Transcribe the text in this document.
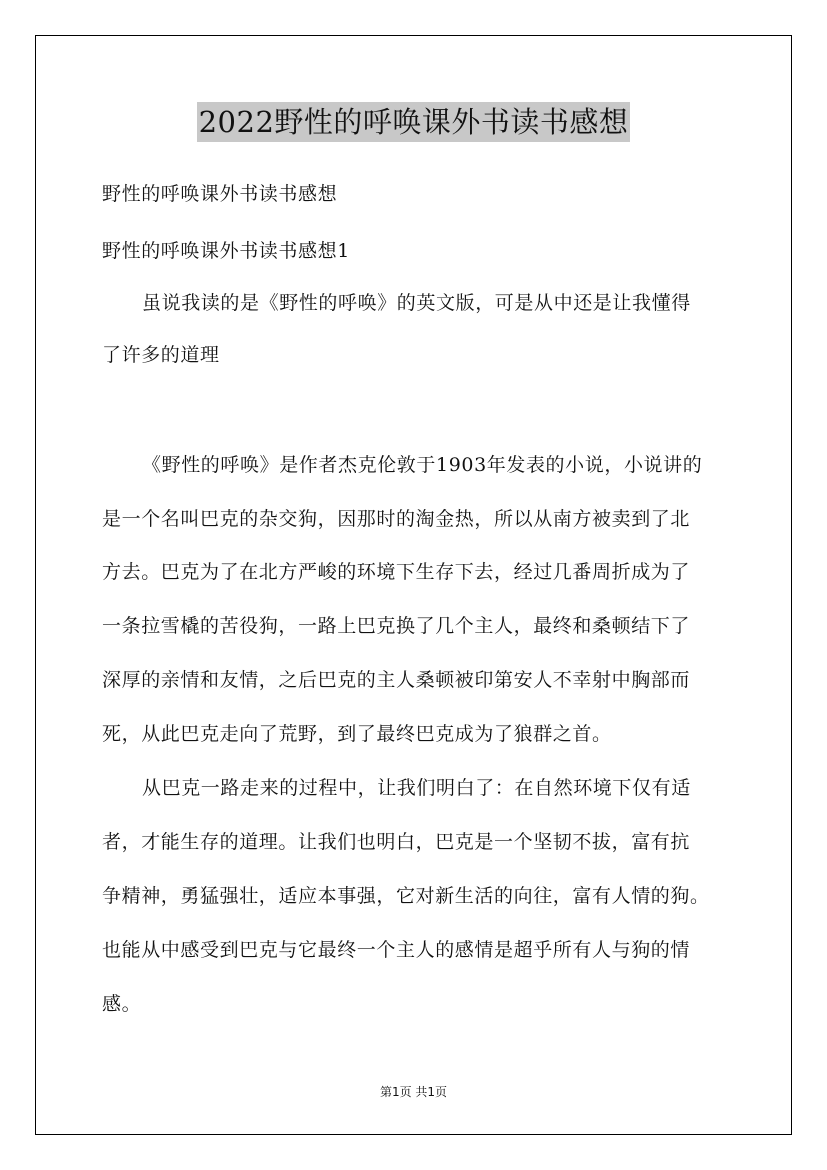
2022野性的呼唤课外书读书感想
野性的呼唤课外书读书感想
野性的呼唤课外书读书感想1
虽说我读的是《野性的呼唤》的英文版，可是从中还是让我懂得
了许多的道理
《野性的呼唤》是作者杰克伦敦于1903年发表的小说，小说讲的
是一个名叫巴克的杂交狗，因那时的淘金热，所以从南方被卖到了北
方去。巴克为了在北方严峻的环境下生存下去，经过几番周折成为了
一条拉雪橇的苦役狗，一路上巴克换了几个主人，最终和桑顿结下了
深厚的亲情和友情，之后巴克的主人桑顿被印第安人不幸射中胸部而
死，从此巴克走向了荒野，到了最终巴克成为了狼群之首。
从巴克一路走来的过程中，让我们明白了：在自然环境下仅有适
者，才能生存的道理。让我们也明白，巴克是一个坚韧不拔，富有抗
争精神，勇猛强壮，适应本事强，它对新生活的向往，富有人情的狗。
也能从中感受到巴克与它最终一个主人的感情是超乎所有人与狗的情
感。
第1页 共1页
